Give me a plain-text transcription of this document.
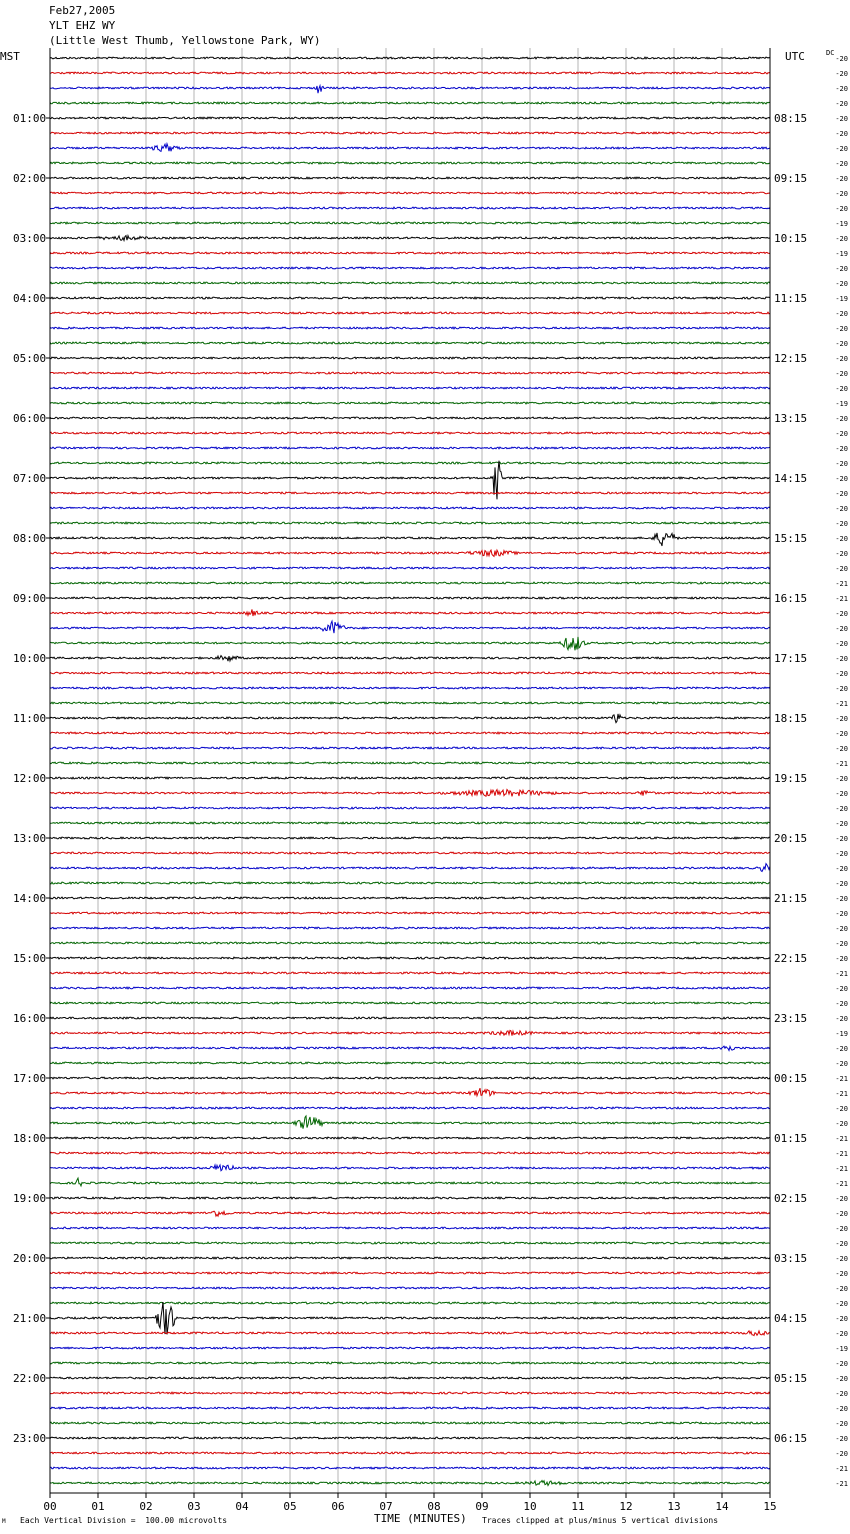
-20
-20
-20
-20
-20
-20
-20
-20
-20
-20
-20
-19
-20
-19
-20
-20
-19
-20
-20
-20
-20
-20
-20
-19
-20
-20
-20
-20
-20
-20
-20
-20
-20
-20
-20
-21
-21
-20
-20
-20
-20
-20
-20
-21
-20
-20
-20
-21
-20
-20
-20
-20
-20
-20
-20
-20
-20
-20
-20
-20
-20
-21
-20
-20
-20
-19
-20
-20
-21
-21
-20
-20
-21
-21
-21
-21
-20
-20
-20
-20
-20
-20
-20
-20
-20
-20
-19
-20
-20
-20
-20
-20
-20
-20
-21
-21
01:00
02:00
03:00
04:00
05:00
06:00
07:00
08:00
09:00
10:00
11:00
12:00
13:00
14:00
15:00
16:00
17:00
18:00
19:00
20:00
21:00
22:00
23:00
08:15
09:15
10:15
11:15
12:15
13:15
14:15
15:15
16:15
17:15
18:15
19:15
20:15
21:15
22:15
23:15
00:15
01:15
02:15
03:15
04:15
05:15
06:15
00	01	02	03	04	05	06	07	08	09	10	11	12	13	14	15
Feb27,2005
YLT EHZ WY
(Little West Thumb, Yellowstone Park, WY)
MST	UTC	DC
TIME (MINUTES)
M Each Vertical Division =  100.00 microvolts	Traces clipped at plus/minus 5 vertical divisions
